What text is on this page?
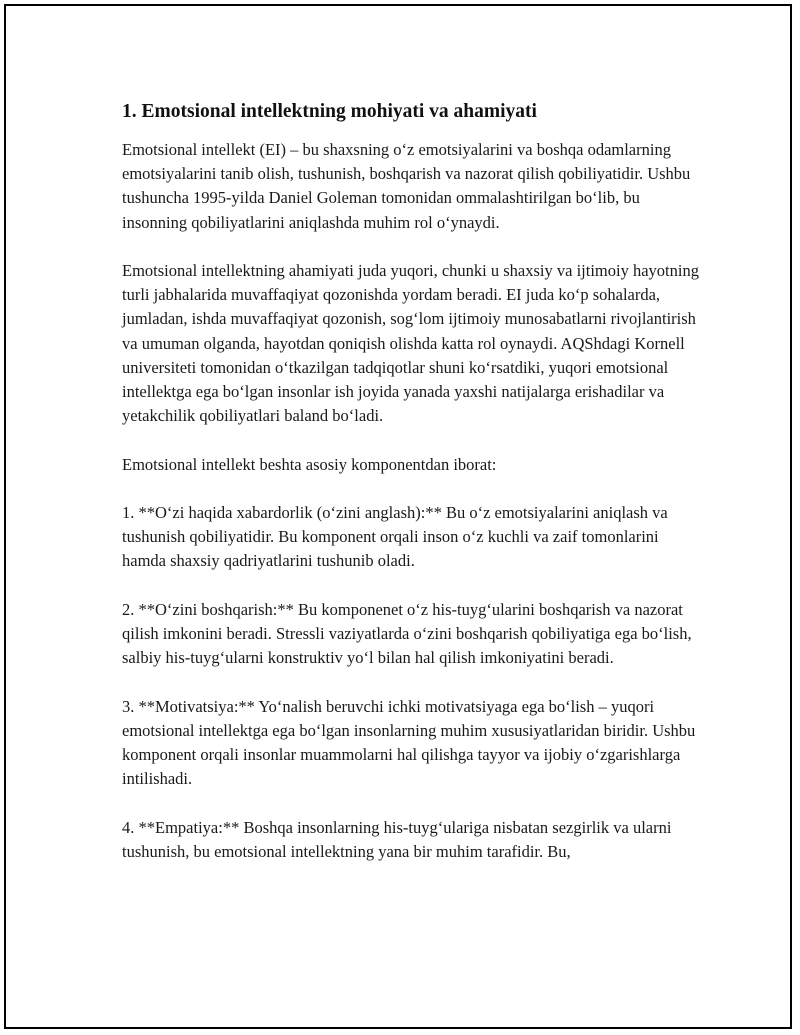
1. Emotsional intellektning mohiyati va ahamiyati

Emotsional intellekt (EI) – bu shaxsning o‘z emotsiyalarini va boshqa odamlarning emotsiyalarini tanib olish, tushunish, boshqarish va nazorat qilish qobiliyatidir. Ushbu tushuncha 1995-yilda Daniel Goleman tomonidan ommalashtirilgan bo‘lib, bu insonning qobiliyatlarini aniqlashda muhim rol o‘ynaydi.

Emotsional intellektning ahamiyati juda yuqori, chunki u shaxsiy va ijtimoiy hayotning turli jabhalarida muvaffaqiyat qozonishda yordam beradi. EI juda ko‘p sohalarda, jumladan, ishda muvaffaqiyat qozonish, sog‘lom ijtimoiy munosabatlarni rivojlantirish va umuman olganda, hayotdan qoniqish olishda katta rol oynaydi. AQShdagi Kornell universiteti tomonidan o‘tkazilgan tadqiqotlar shuni ko‘rsatdiki, yuqori emotsional intellektga ega bo‘lgan insonlar ish joyida yanada yaxshi natijalarga erishadilar va yetakchilik qobiliyatlari baland bo‘ladi.

Emotsional intellekt beshta asosiy komponentdan iborat:

1. **O‘zi haqida xabardorlik (o‘zini anglash):** Bu o‘z emotsiyalarini aniqlash va tushunish qobiliyatidir. Bu komponent orqali inson o‘z kuchli va zaif tomonlarini hamda shaxsiy qadriyatlarini tushunib oladi.

2. **O‘zini boshqarish:** Bu komponenet o‘z his-tuyg‘ularini boshqarish va nazorat qilish imkonini beradi. Stressli vaziyatlarda o‘zini boshqarish qobiliyatiga ega bo‘lish, salbiy his-tuyg‘ularni konstruktiv yo‘l bilan hal qilish imkoniyatini beradi.

3. **Motivatsiya:** Yo‘nalish beruvchi ichki motivatsiyaga ega bo‘lish – yuqori emotsional intellektga ega bo‘lgan insonlarning muhim xususiyatlaridan biridir. Ushbu komponent orqali insonlar muammolarni hal qilishga tayyor va ijobiy o‘zgarishlarga intilishadi.

4. **Empatiya:** Boshqa insonlarning his-tuyg‘ulariga nisbatan sezgirlik va ularni tushunish, bu emotsional intellektning yana bir muhim tarafidir. Bu,
